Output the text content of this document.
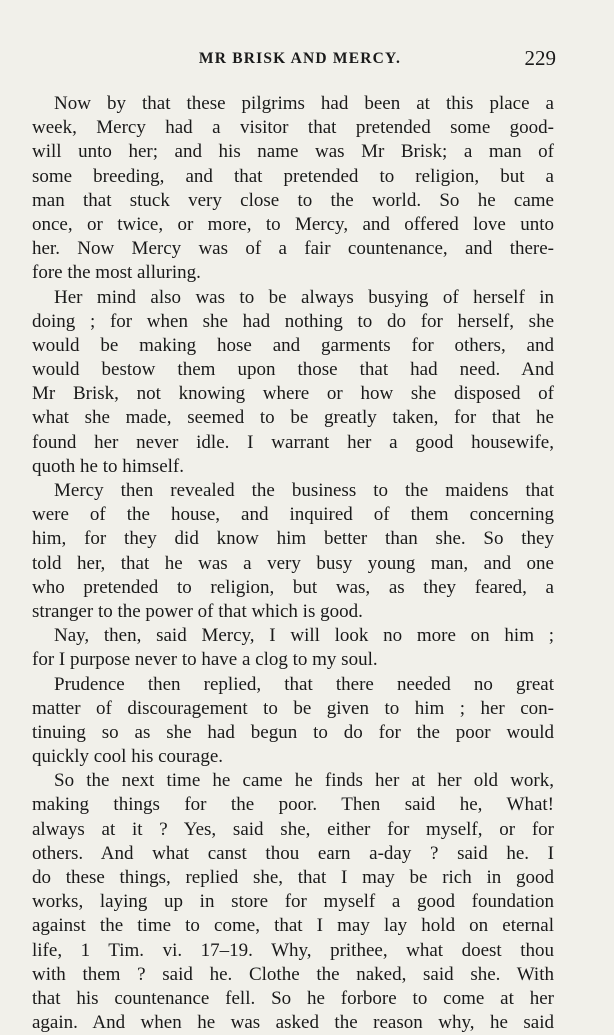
MR BRISK AND MERCY.	229
Now by that these pilgrims had been at this place a
week, Mercy had a visitor that pretended some good-
will unto her; and his name was Mr Brisk; a man of
some breeding, and that pretended to religion, but a
man that stuck very close to the world. So he came
once, or twice, or more, to Mercy, and offered love unto
her. Now Mercy was of a fair countenance, and there-
fore the most alluring.
Her mind also was to be always busying of herself in
doing ; for when she had nothing to do for herself, she
would be making hose and garments for others, and
would bestow them upon those that had need. And
Mr Brisk, not knowing where or how she disposed of
what she made, seemed to be greatly taken, for that he
found her never idle. I warrant her a good housewife,
quoth he to himself.
Mercy then revealed the business to the maidens that
were of the house, and inquired of them concerning
him, for they did know him better than she. So they
told her, that he was a very busy young man, and one
who pretended to religion, but was, as they feared, a
stranger to the power of that which is good.
Nay, then, said Mercy, I will look no more on him ;
for I purpose never to have a clog to my soul.
Prudence then replied, that there needed no great
matter of discouragement to be given to him ; her con-
tinuing so as she had begun to do for the poor would
quickly cool his courage.
So the next time he came he finds her at her old work,
making things for the poor. Then said he, What!
always at it ? Yes, said she, either for myself, or for
others. And what canst thou earn a-day ? said he. I
do these things, replied she, that I may be rich in good
works, laying up in store for myself a good foundation
against the time to come, that I may lay hold on eternal
life, 1 Tim. vi. 17–19. Why, prithee, what doest thou
with them ? said he. Clothe the naked, said she. With
that his countenance fell. So he forbore to come at her
again. And when he was asked the reason why, he said
